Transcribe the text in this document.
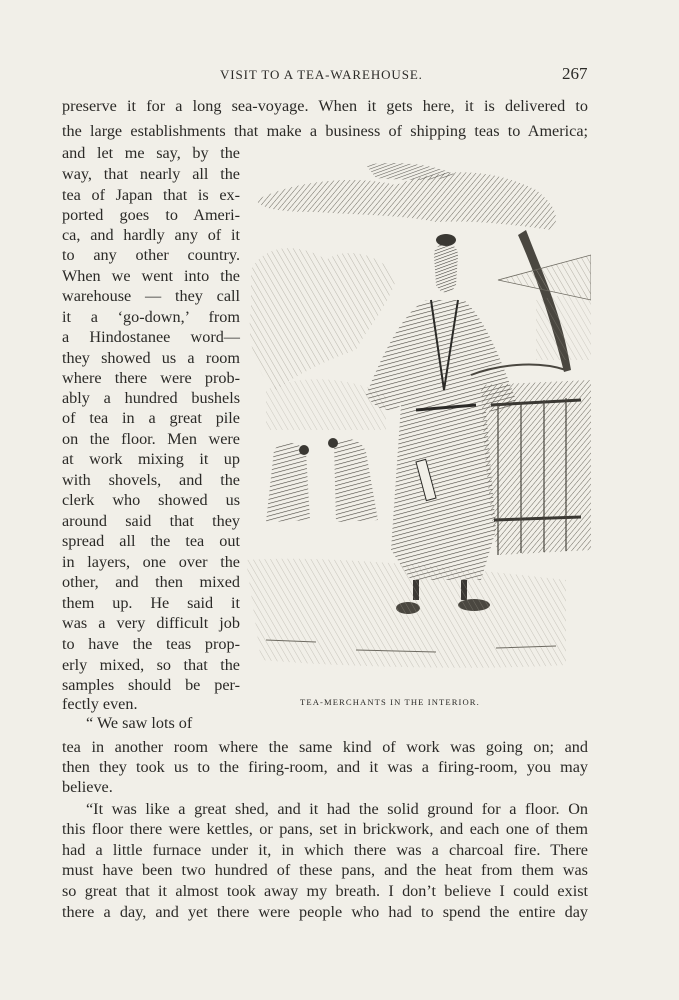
VISIT TO A TEA-WAREHOUSE.	267
preserve it for a long sea-voyage. When it gets here, it is delivered to
the large establishments that make a business of shipping teas to America;
and let me say, by the
way, that nearly all the
tea of Japan that is ex-
ported goes to Ameri-
ca, and hardly any of it
to any other country.
When we went into the
warehouse — they call
it a ‘go-down,’ from
a Hindostanee word—
they showed us a room
where there were prob-
ably a hundred bushels
of tea in a great pile
on the floor. Men were
at work mixing it up
with shovels, and the
clerk who showed us
around said that they
spread all the tea out
in layers, one over the
other, and then mixed
them up. He said it
was a very difficult job
to have the teas prop-
erly mixed, so that the
samples should be per-
fectly even.
“ We saw lots of
tea in another room where the same kind of work was going on; and
then they took us to the firing-room, and it was a firing-room, you may
believe.
“It was like a great shed, and it had the solid ground for a floor. On
this floor there were kettles, or pans, set in brickwork, and each one of them
had a little furnace under it, in which there was a charcoal fire. There
must have been two hundred of these pans, and the heat from them was
so great that it almost took away my breath. I don’t believe I could exist
there a day, and yet there were people who had to spend the entire day
TEA-MERCHANTS IN THE INTERIOR.
